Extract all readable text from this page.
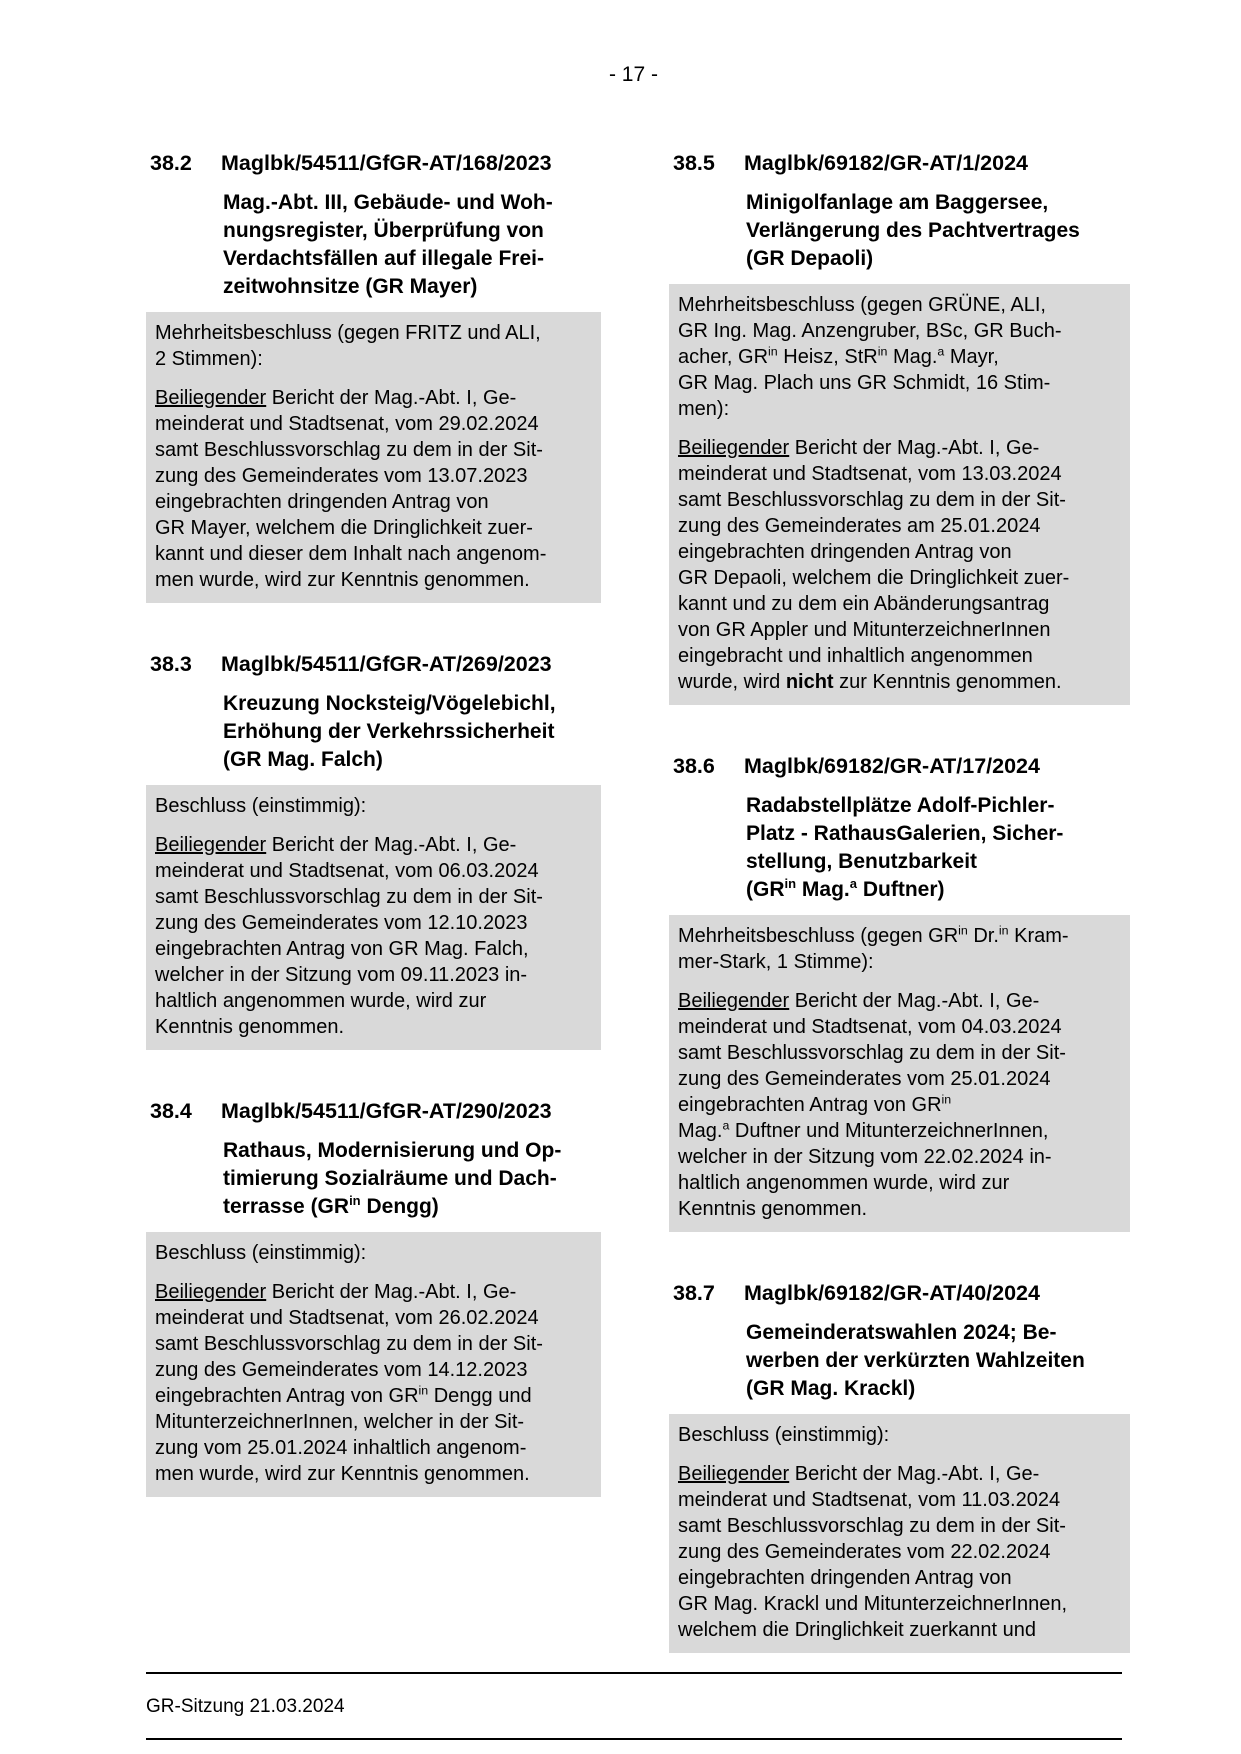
- 17 -
38.2	Maglbk/54511/GfGR-AT/168/2023
Mag.-Abt. III, Gebäude- und Woh-
nungsregister, Überprüfung von
Verdachtsfällen auf illegale Frei-
zeitwohnsitze (GR Mayer)

Mehrheitsbeschluss (gegen FRITZ und ALI,
2 Stimmen):

Beiliegender Bericht der Mag.-Abt. I, Ge-
meinderat und Stadtsenat, vom 29.02.2024
samt Beschlussvorschlag zu dem in der Sit-
zung des Gemeinderates vom 13.07.2023
eingebrachten dringenden Antrag von
GR Mayer, welchem die Dringlichkeit zuer-
kannt und dieser dem Inhalt nach angenom-
men wurde, wird zur Kenntnis genommen.

38.3	Maglbk/54511/GfGR-AT/269/2023
Kreuzung Nocksteig/Vögelebichl,
Erhöhung der Verkehrssicherheit
(GR Mag. Falch)

Beschluss (einstimmig):

Beiliegender Bericht der Mag.-Abt. I, Ge-
meinderat und Stadtsenat, vom 06.03.2024
samt Beschlussvorschlag zu dem in der Sit-
zung des Gemeinderates vom 12.10.2023
eingebrachten Antrag von GR Mag. Falch,
welcher in der Sitzung vom 09.11.2023 in-
haltlich angenommen wurde, wird zur
Kenntnis genommen.

38.4	Maglbk/54511/GfGR-AT/290/2023
Rathaus, Modernisierung und Op-
timierung Sozialräume und Dach-
terrasse ($GR^{in}$ Dengg)

Beschluss (einstimmig):

Beiliegender Bericht der Mag.-Abt. I, Ge-
meinderat und Stadtsenat, vom 26.02.2024
samt Beschlussvorschlag zu dem in der Sit-
zung des Gemeinderates vom 14.12.2023
eingebrachten Antrag von $GR^{in}$ Dengg und
MitunterzeichnerInnen, welcher in der Sit-
zung vom 25.01.2024 inhaltlich angenom-
men wurde, wird zur Kenntnis genommen.

38.5	Maglbk/69182/GR-AT/1/2024
Minigolfanlage am Baggersee,
Verlängerung des Pachtvertrages
(GR Depaoli)

Mehrheitsbeschluss (gegen GRÜNE, ALI,
GR Ing. Mag. Anzengruber, BSc, GR Buch-
acher, $GR^{in}$ Heisz, StR$^{in}$ Mag.$^a$ Mayr,
GR Mag. Plach uns GR Schmidt, 16 Stim-
men):

Beiliegender Bericht der Mag.-Abt. I, Ge-
meinderat und Stadtsenat, vom 13.03.2024
samt Beschlussvorschlag zu dem in der Sit-
zung des Gemeinderates am 25.01.2024
eingebrachten dringenden Antrag von
GR Depaoli, welchem die Dringlichkeit zuer-
kannt und zu dem ein Abänderungsantrag
von GR Appler und MitunterzeichnerInnen
eingebracht und inhaltlich angenommen
wurde, wird nicht zur Kenntnis genommen.

38.6	Maglbk/69182/GR-AT/17/2024
Radabstellplätze Adolf-Pichler-
Platz - RathausGalerien, Sicher-
stellung, Benutzbarkeit
($GR^{in}$ Mag.$^a$ Duftner)

Mehrheitsbeschluss (gegen $GR^{in}$ Dr.$^{in}$ Kram-
mer-Stark, 1 Stimme):

Beiliegender Bericht der Mag.-Abt. I, Ge-
meinderat und Stadtsenat, vom 04.03.2024
samt Beschlussvorschlag zu dem in der Sit-
zung des Gemeinderates vom 25.01.2024
eingebrachten Antrag von $GR^{in}$
Mag.$^a$ Duftner und MitunterzeichnerInnen,
welcher in der Sitzung vom 22.02.2024 in-
haltlich angenommen wurde, wird zur
Kenntnis genommen.

38.7	Maglbk/69182/GR-AT/40/2024
Gemeinderatswahlen 2024; Be-
werben der verkürzten Wahlzeiten
(GR Mag. Krackl)

Beschluss (einstimmig):

Beiliegender Bericht der Mag.-Abt. I, Ge-
meinderat und Stadtsenat, vom 11.03.2024
samt Beschlussvorschlag zu dem in der Sit-
zung des Gemeinderates vom 22.02.2024
eingebrachten dringenden Antrag von
GR Mag. Krackl und MitunterzeichnerInnen,
welchem die Dringlichkeit zuerkannt und

GR-Sitzung 21.03.2024
